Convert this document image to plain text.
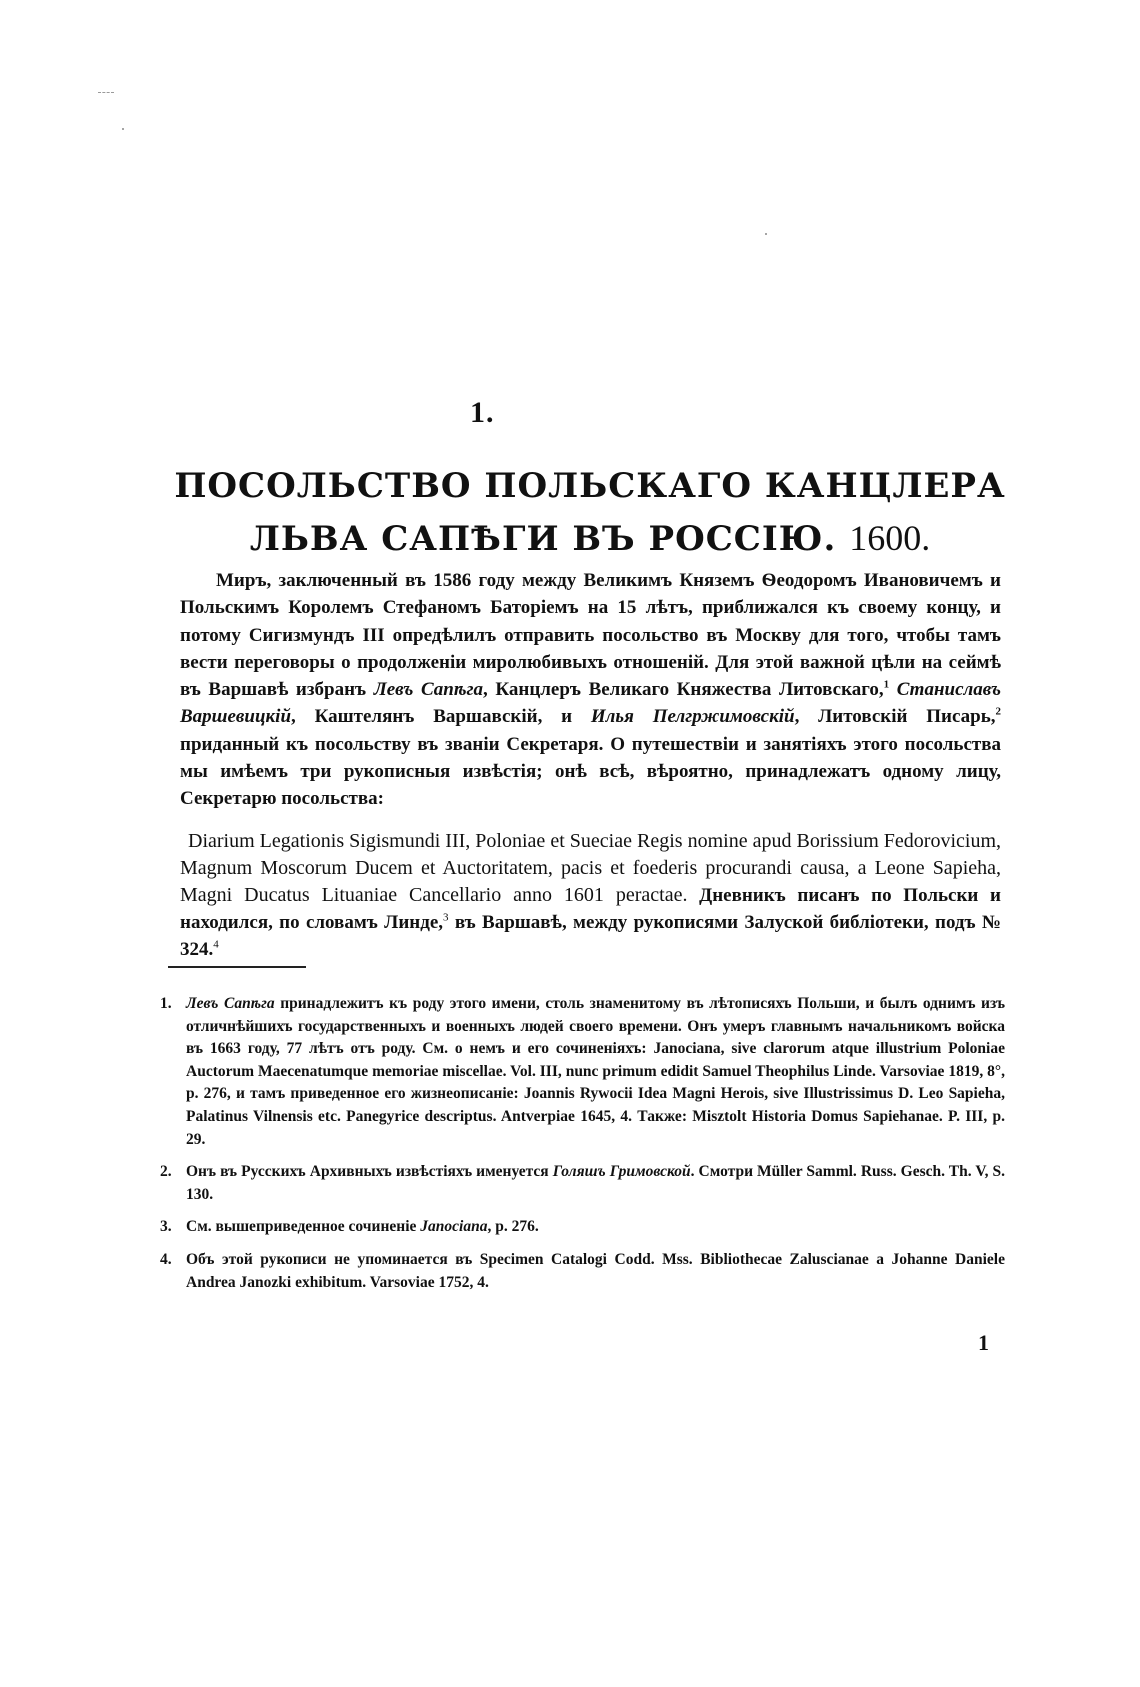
1.
ПОСОЛЬСТВО ПОЛЬСКАГО КАНЦЛЕРА
ЛЬВА САПѢГИ ВЪ РОССІЮ. 1600.

Миръ, заключенный въ 1586 году между Великимъ Княземъ Ѳеодоромъ Ивановичемъ и Польскимъ Королемъ Стефаномъ Баторіемъ на 15 лѣтъ, приближался къ своему концу, и потому Сигизмундъ III опредѣлилъ отправить посольство въ Москву для того, чтобы тамъ вести переговоры о продолженіи миролюбивыхъ отношеній. Для этой важной цѣли на сеймѣ въ Варшавѣ избранъ Левъ Сапѣга, Канцлеръ Великаго Княжества Литовскаго,$^1$ Станиславъ Варшевицкій, Каштелянъ Варшавскій, и Илья Пелгржимовскій, Литовскій Писарь,$^2$ приданный къ посольству въ званіи Секретаря. О путешествіи и занятіяхъ этого посольства мы имѣемъ три рукописныя извѣстія; онѣ всѣ, вѣроятно, принадлежатъ одному лицу, Секретарю посольства:

Diarium Legationis Sigismundi III, Poloniae et Sueciae Regis nomine apud Borissium Fedorovicium, Magnum Moscorum Ducem et Auctoritatem, pacis et foederis procurandi causa, a Leone Sapieha, Magni Ducatus Lituaniae Cancellario anno 1601 peractae. Дневникъ писанъ по Польски и находился, по словамъ Линде,$^3$ въ Варшавѣ, между рукописями Залуской библіотеки, подъ № 324.$^4$

1. Левъ Сапѣга принадлежитъ къ роду этого имени, столь знаменитому въ лѣтописяхъ Польши, и былъ однимъ изъ отличнѣйшихъ государственныхъ и военныхъ людей своего времени. Онъ умеръ главнымъ начальникомъ войска въ 1663 году, 77 лѣтъ отъ роду. См. о немъ и его сочиненіяхъ: Janociana, sive clarorum atque illustrium Poloniae Auctorum Maecenatumque memoriae miscellae. Vol. III, nunc primum edidit Samuel Theophilus Linde. Varsoviae 1819, 8°, p. 276, и тамъ приведенное его жизнеописаніе: Joannis Rywocii Idea Magni Herois, sive Illustrissimus D. Leo Sapieha, Palatinus Vilnensis etc. Panegyrice descriptus. Antverpiae 1645, 4. Также: Misztolt Historia Domus Sapiehanae. P. III, p. 29.

2. Онъ въ Русскихъ Архивныхъ извѣстіяхъ именуется Голяшъ Гримовской. Смотри Müller Samml. Russ. Gesch. Th. V, S. 130.

3. См. вышеприведенное сочиненіе Janociana, p. 276.

4. Объ этой рукописи не упоминается въ Specimen Catalogi Codd. Mss. Bibliothecae Zaluscianae a Johanne Daniele Andrea Janozki exhibitum. Varsoviae 1752, 4.

1
